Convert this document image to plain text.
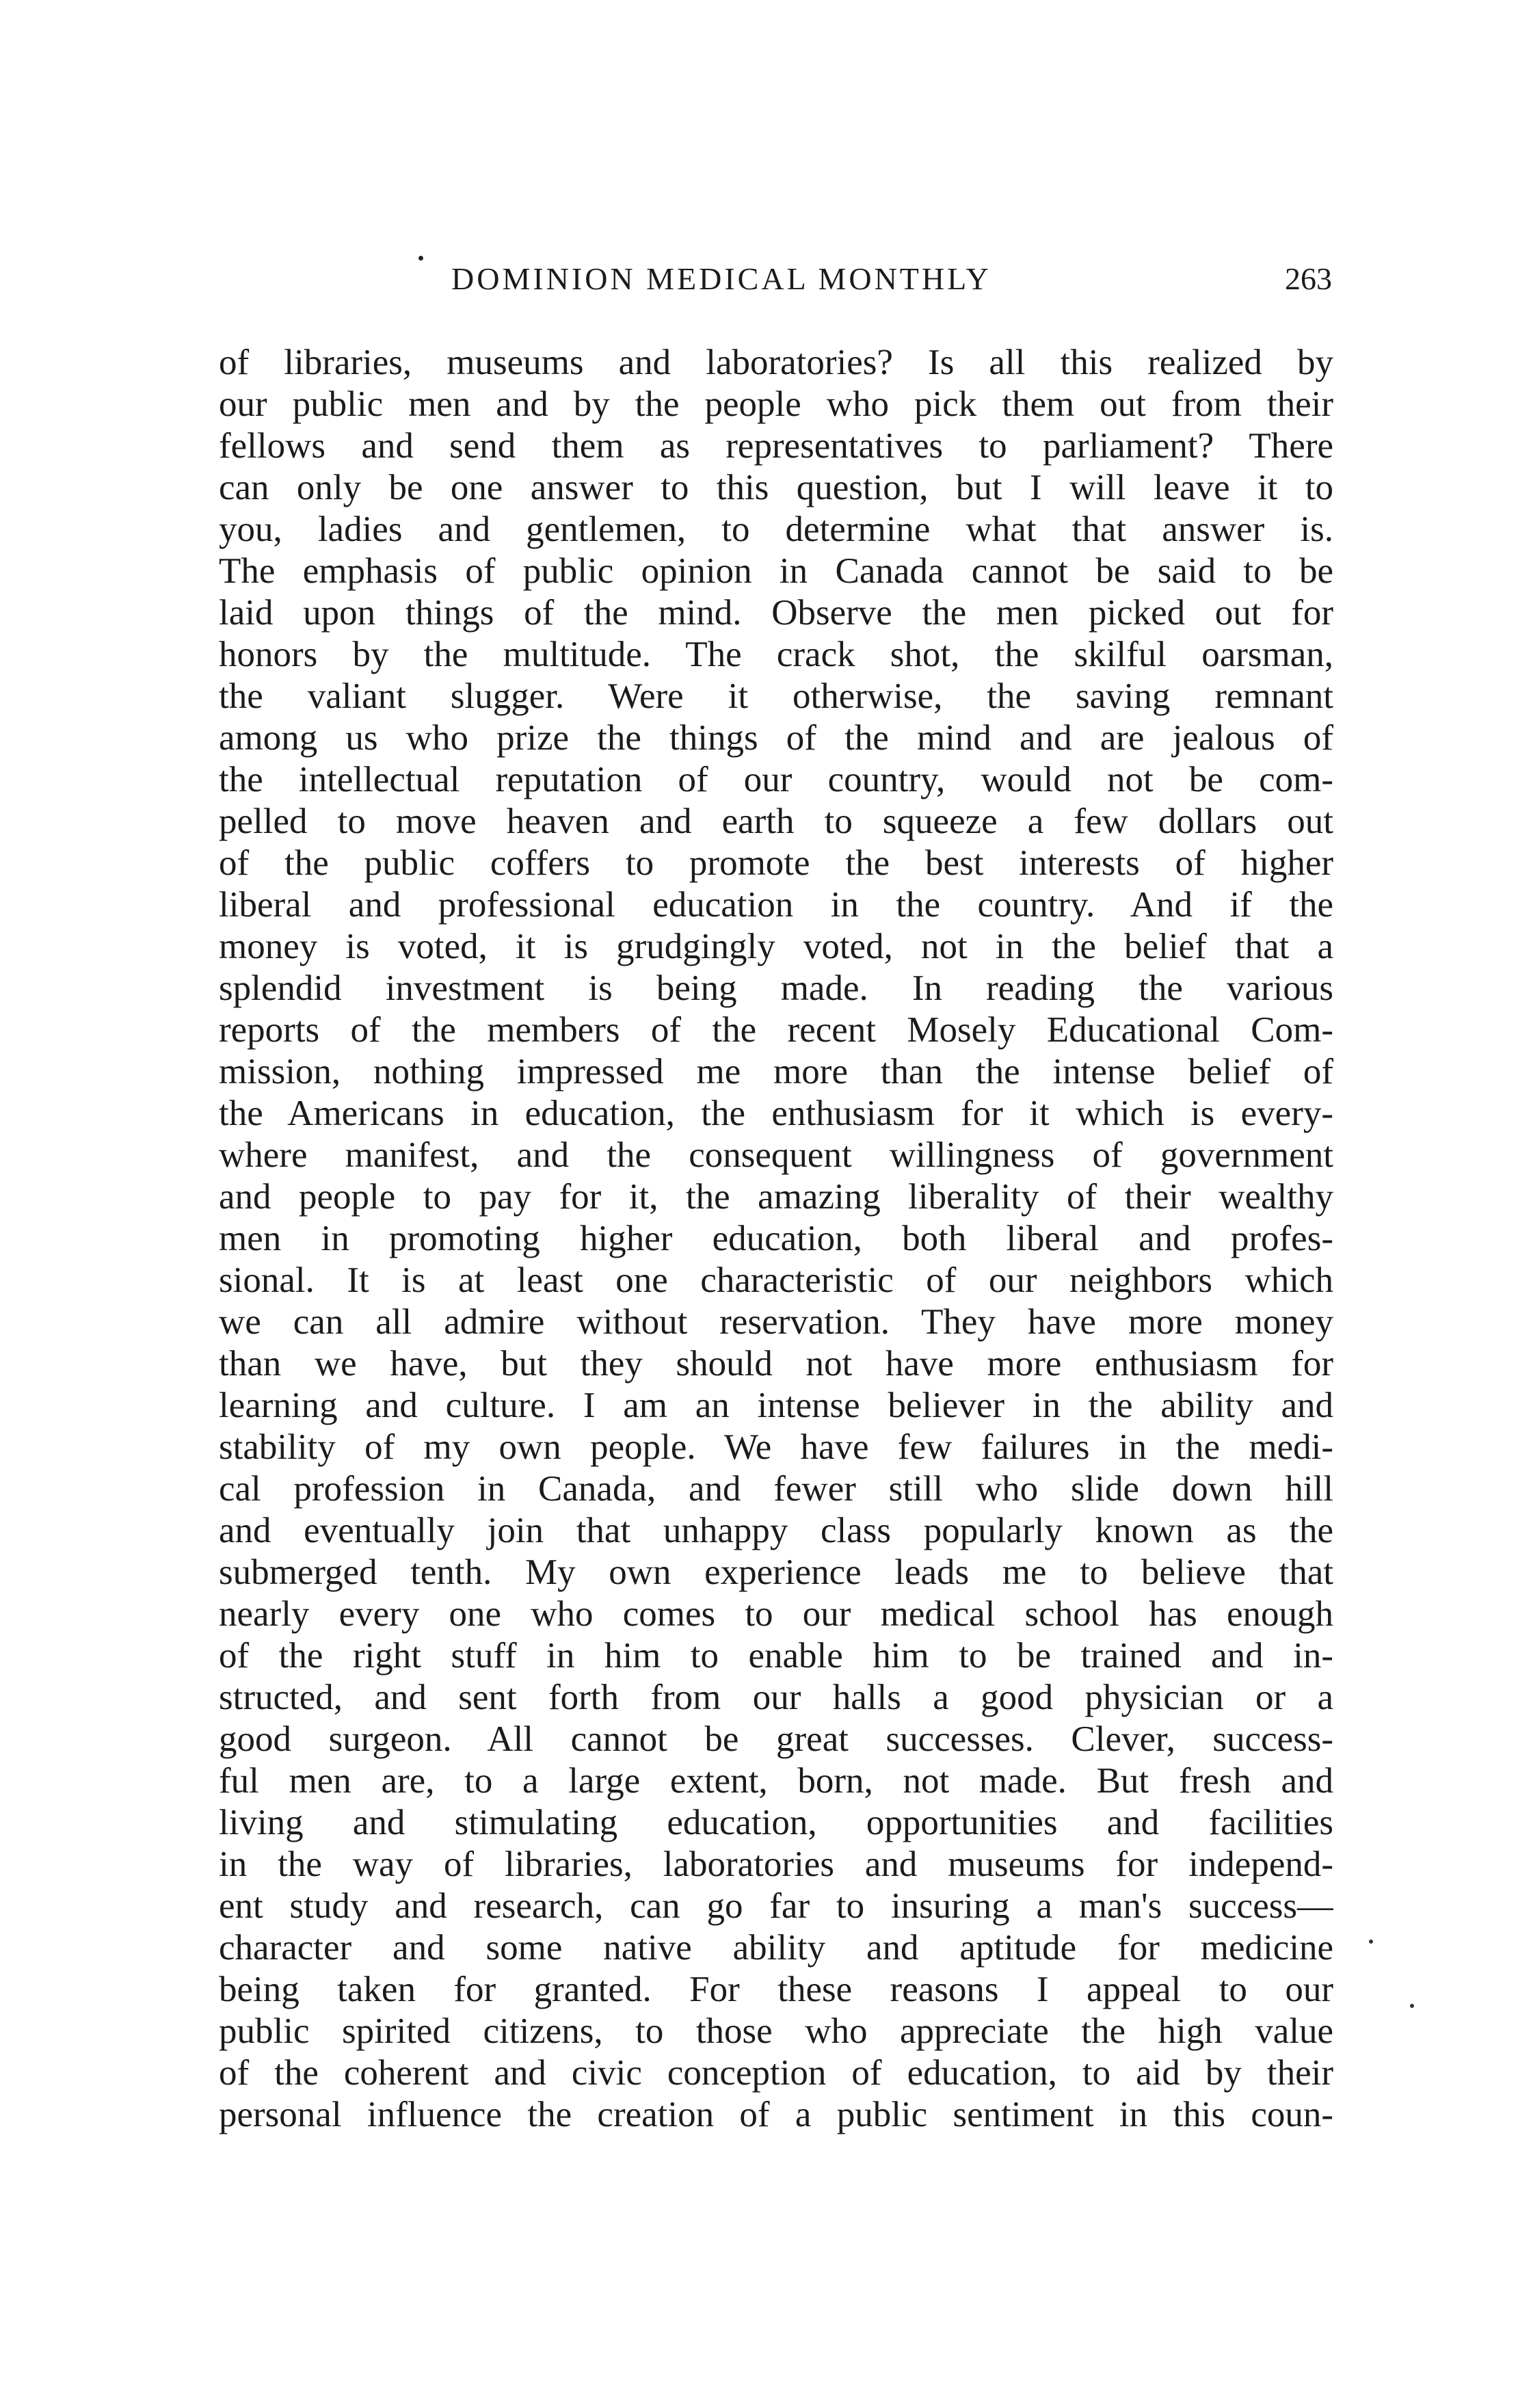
DOMINION MEDICAL MONTHLY	263
of libraries, museums and laboratories? Is all this realized by
our public men and by the people who pick them out from their
fellows and send them as representatives to parliament? There
can only be one answer to this question, but I will leave it to
you, ladies and gentlemen, to determine what that answer is.
The emphasis of public opinion in Canada cannot be said to be
laid upon things of the mind. Observe the men picked out for
honors by the multitude. The crack shot, the skilful oarsman,
the valiant slugger. Were it otherwise, the saving remnant
among us who prize the things of the mind and are jealous of
the intellectual reputation of our country, would not be com-
pelled to move heaven and earth to squeeze a few dollars out
of the public coffers to promote the best interests of higher
liberal and professional education in the country. And if the
money is voted, it is grudgingly voted, not in the belief that a
splendid investment is being made. In reading the various
reports of the members of the recent Mosely Educational Com-
mission, nothing impressed me more than the intense belief of
the Americans in education, the enthusiasm for it which is every-
where manifest, and the consequent willingness of government
and people to pay for it, the amazing liberality of their wealthy
men in promoting higher education, both liberal and profes-
sional. It is at least one characteristic of our neighbors which
we can all admire without reservation. They have more money
than we have, but they should not have more enthusiasm for
learning and culture. I am an intense believer in the ability and
stability of my own people. We have few failures in the medi-
cal profession in Canada, and fewer still who slide down hill
and eventually join that unhappy class popularly known as the
submerged tenth. My own experience leads me to believe that
nearly every one who comes to our medical school has enough
of the right stuff in him to enable him to be trained and in-
structed, and sent forth from our halls a good physician or a
good surgeon. All cannot be great successes. Clever, success-
ful men are, to a large extent, born, not made. But fresh and
living and stimulating education, opportunities and facilities
in the way of libraries, laboratories and museums for independ-
ent study and research, can go far to insuring a man's success—
character and some native ability and aptitude for medicine
being taken for granted. For these reasons I appeal to our
public spirited citizens, to those who appreciate the high value
of the coherent and civic conception of education, to aid by their
personal influence the creation of a public sentiment in this coun-
